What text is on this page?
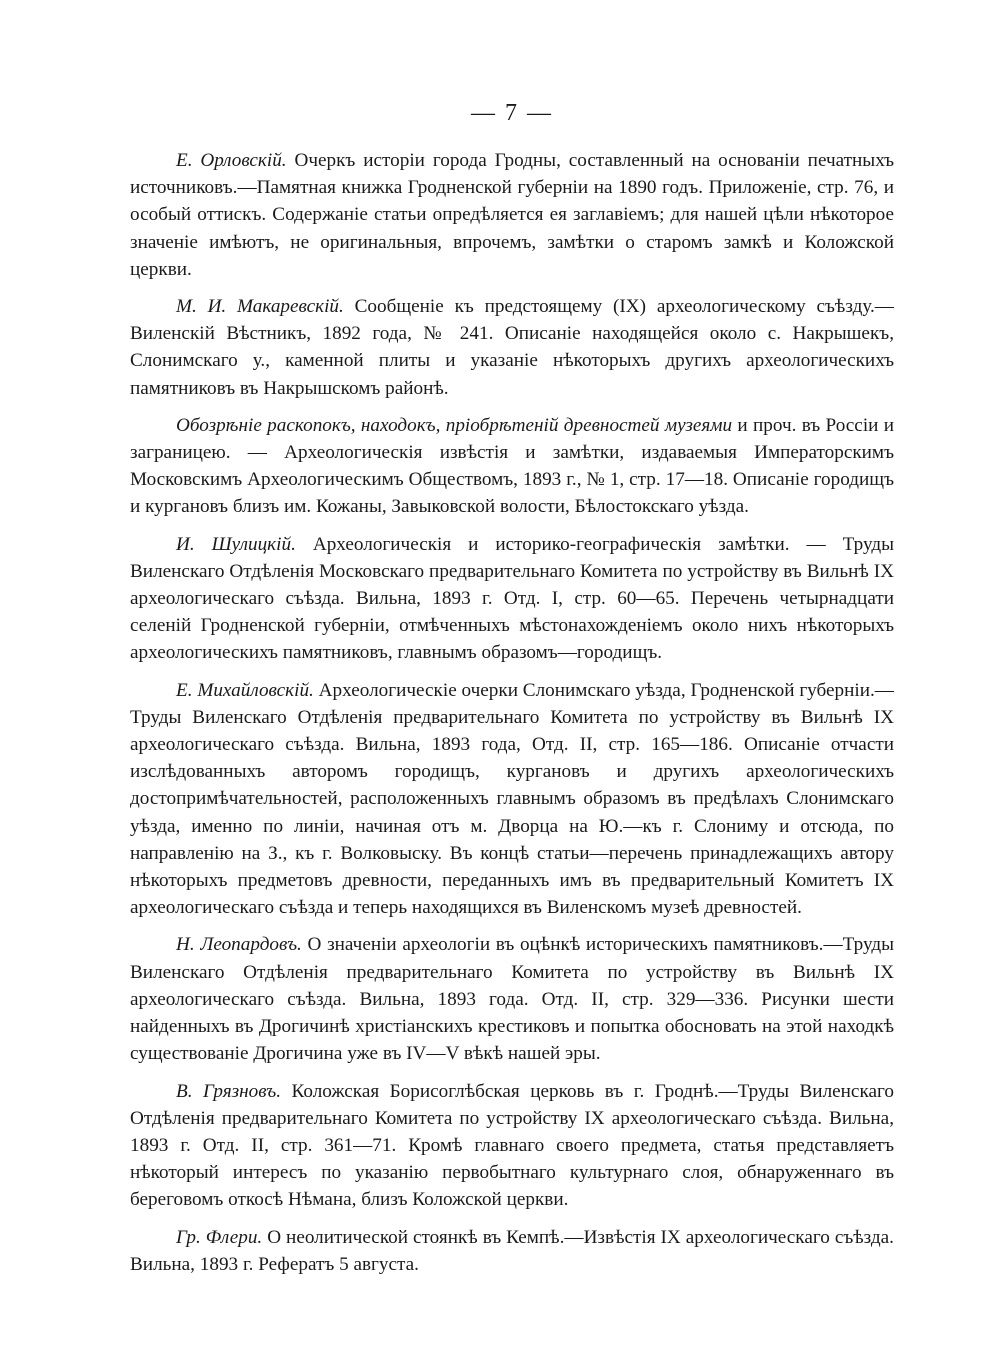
— 7 —

Е. Орловскій. Очеркъ исторіи города Гродны, составленный на основаніи печатныхъ источниковъ.—Памятная книжка Гродненской губерніи на 1890 годъ. Приложеніе, стр. 76, и особый оттискъ. Содержаніе статьи опредѣляется ея заглавіемъ; для нашей цѣли нѣкоторое значеніе имѣютъ, не оригинальныя, впрочемъ, замѣтки о старомъ замкѣ и Коложской церкви.

М. И. Макаревскій. Сообщеніе къ предстоящему (IX) археологическому съѣзду.—Виленскій Вѣстникъ, 1892 года, № 241. Описаніе находящейся около с. Накрышекъ, Слонимскаго у., каменной плиты и указаніе нѣкоторыхъ другихъ археологическихъ памятниковъ въ Накрышскомъ районѣ.

Обозрѣніе раскопокъ, находокъ, пріобрѣтеній древностей музеями и проч. въ Россіи и заграницею. — Археологическія извѣстія и замѣтки, издаваемыя Императорскимъ Московскимъ Археологическимъ Обществомъ, 1893 г., № 1, стр. 17—18. Описаніе городищъ и кургановъ близъ им. Кожаны, Завыковской волости, Бѣлостокскаго уѣзда.

И. Шулицкій. Археологическія и историко-географическія замѣтки. — Труды Виленскаго Отдѣленія Московскаго предварительнаго Комитета по устройству въ Вильнѣ IX археологическаго съѣзда. Вильна, 1893 г. Отд. I, стр. 60—65. Перечень четырнадцати селеній Гродненской губерніи, отмѣченныхъ мѣстонахожденіемъ около нихъ нѣкоторыхъ археологическихъ памятниковъ, главнымъ образомъ—городищъ.

Е. Михайловскій. Археологическіе очерки Слонимскаго уѣзда, Гродненской губерніи.—Труды Виленскаго Отдѣленія предварительнаго Комитета по устройству въ Вильнѣ IX археологическаго съѣзда. Вильна, 1893 года, Отд. II, стр. 165—186. Описаніе отчасти изслѣдованныхъ авторомъ городищъ, кургановъ и другихъ археологическихъ достопримѣчательностей, расположенныхъ главнымъ образомъ въ предѣлахъ Слонимскаго уѣзда, именно по линіи, начиная отъ м. Дворца на Ю.—къ г. Слониму и отсюда, по направленію на З., къ г. Волковыску. Въ концѣ статьи—перечень принадлежащихъ автору нѣкоторыхъ предметовъ древности, переданныхъ имъ въ предварительный Комитетъ IX археологическаго съѣзда и теперь находящихся въ Виленскомъ музеѣ древностей.

Н. Леопардовъ. О значеніи археологіи въ оцѣнкѣ историческихъ памятниковъ.—Труды Виленскаго Отдѣленія предварительнаго Комитета по устройству въ Вильнѣ IX археологическаго съѣзда. Вильна, 1893 года. Отд. II, стр. 329—336. Рисунки шести найденныхъ въ Дрогичинѣ христіанскихъ крестиковъ и попытка обосновать на этой находкѣ существованіе Дрогичина уже въ IV—V вѣкѣ нашей эры.

В. Грязновъ. Коложская Борисоглѣбская церковь въ г. Гроднѣ.—Труды Виленскаго Отдѣленія предварительнаго Комитета по устройству IX археологическаго съѣзда. Вильна, 1893 г. Отд. II, стр. 361—71. Кромѣ главнаго своего предмета, статья представляетъ нѣкоторый интересъ по указанію первобытнаго культурнаго слоя, обнаруженнаго въ береговомъ откосѣ Нѣмана, близъ Коложской церкви.

Гр. Флери. О неолитической стоянкѣ въ Кемпѣ.—Извѣстія IX археологическаго съѣзда. Вильна, 1893 г. Рефератъ 5 августа.
